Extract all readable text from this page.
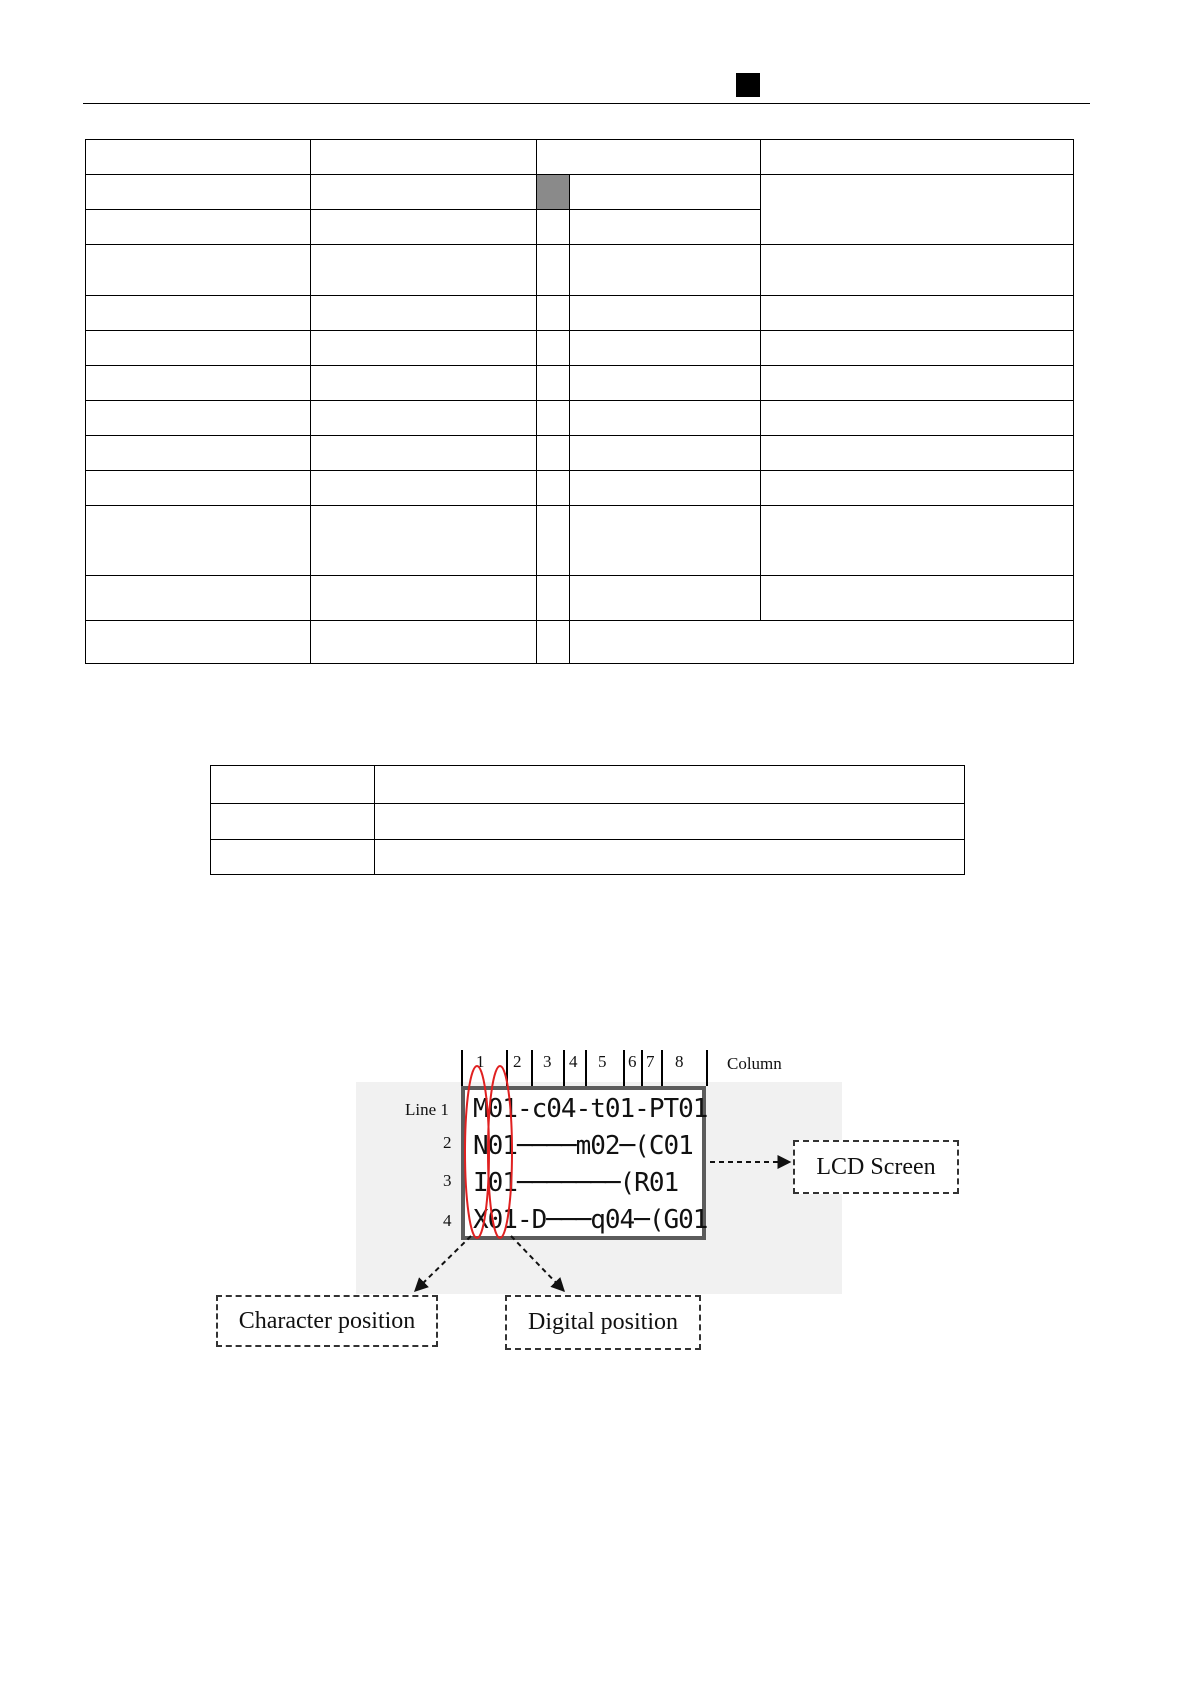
1 2 3 4 5 6 7 8	Column
Line 1
2
3
4
M01-c04-t01-PT01
N01────m02─(C01
I01───────(R01
X01-D───q04─(G01
LCD Screen
Character position	Digital position
